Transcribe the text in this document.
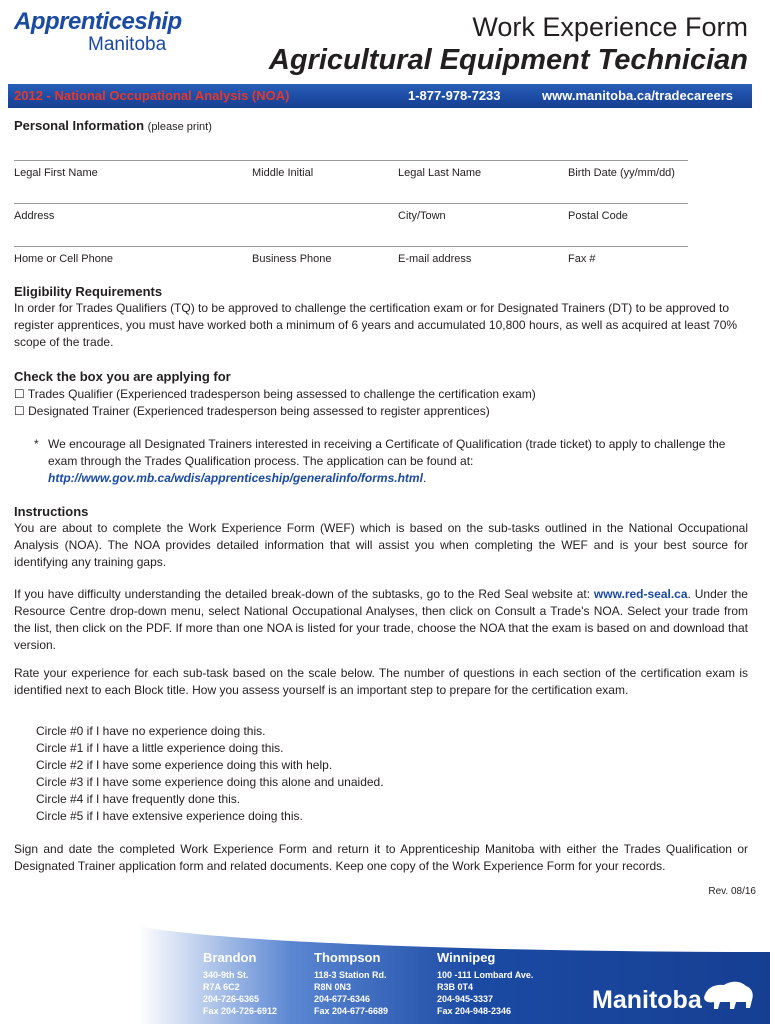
Apprenticeship
Manitoba
Work Experience Form
Agricultural Equipment Technician
2012 - National Occupational Analysis (NOA)	1-877-978-7233	www.manitoba.ca/tradecareers
Personal Information (please print)
Legal First Name	Middle Initial	Legal Last Name	Birth Date (yy/mm/dd)
Address	City/Town	Postal Code
Home or Cell Phone	Business Phone	E-mail address	Fax #
Eligibility Requirements

In order for Trades Qualifiers (TQ) to be approved to challenge the certification exam or for Designated Trainers (DT) to be approved to register apprentices, you must have worked both a minimum of 6 years and accumulated 10,800 hours, as well as acquired at least 70% scope of the trade.

Check the box you are applying for
☐ Trades Qualifier (Experienced tradesperson being assessed to challenge the certification exam)
☐ Designated Trainer (Experienced tradesperson being assessed to register apprentices)
* We encourage all Designated Trainers interested in receiving a Certificate of Qualification (trade ticket) to apply to challenge the exam through the Trades Qualification process. The application can be found at:
http://www.gov.mb.ca/wdis/apprenticeship/generalinfo/forms.html.
Instructions

You are about to complete the Work Experience Form (WEF) which is based on the sub-tasks outlined in the National Occupational Analysis (NOA). The NOA provides detailed information that will assist you when completing the WEF and is your best source for identifying any training gaps.

If you have difficulty understanding the detailed break-down of the subtasks, go to the Red Seal website at: www.red-seal.ca. Under the Resource Centre drop-down menu, select National Occupational Analyses, then click on Consult a Trade's NOA. Select your trade from the list, then click on the PDF. If more than one NOA is listed for your trade, choose the NOA that the exam is based on and download that version.

Rate your experience for each sub-task based on the scale below. The number of questions in each section of the certification exam is identified next to each Block title. How you assess yourself is an important step to prepare for the certification exam.

Circle #0 if I have no experience doing this.
Circle #1 if I have a little experience doing this.
Circle #2 if I have some experience doing this with help.
Circle #3 if I have some experience doing this alone and unaided.
Circle #4 if I have frequently done this.
Circle #5 if I have extensive experience doing this.

Sign and date the completed Work Experience Form and return it to Apprenticeship Manitoba with either the Trades Qualification or Designated Trainer application form and related documents. Keep one copy of the Work Experience Form for your records.

Rev. 08/16
Brandon
340-9th St.
R7A 6C2
204-726-6365
Fax 204-726-6912
Thompson
118-3 Station Rd.
R8N 0N3
204-677-6346
Fax 204-677-6689
Winnipeg
100 -111 Lombard Ave.
R3B 0T4
204-945-3337
Fax 204-948-2346	Manitoba
